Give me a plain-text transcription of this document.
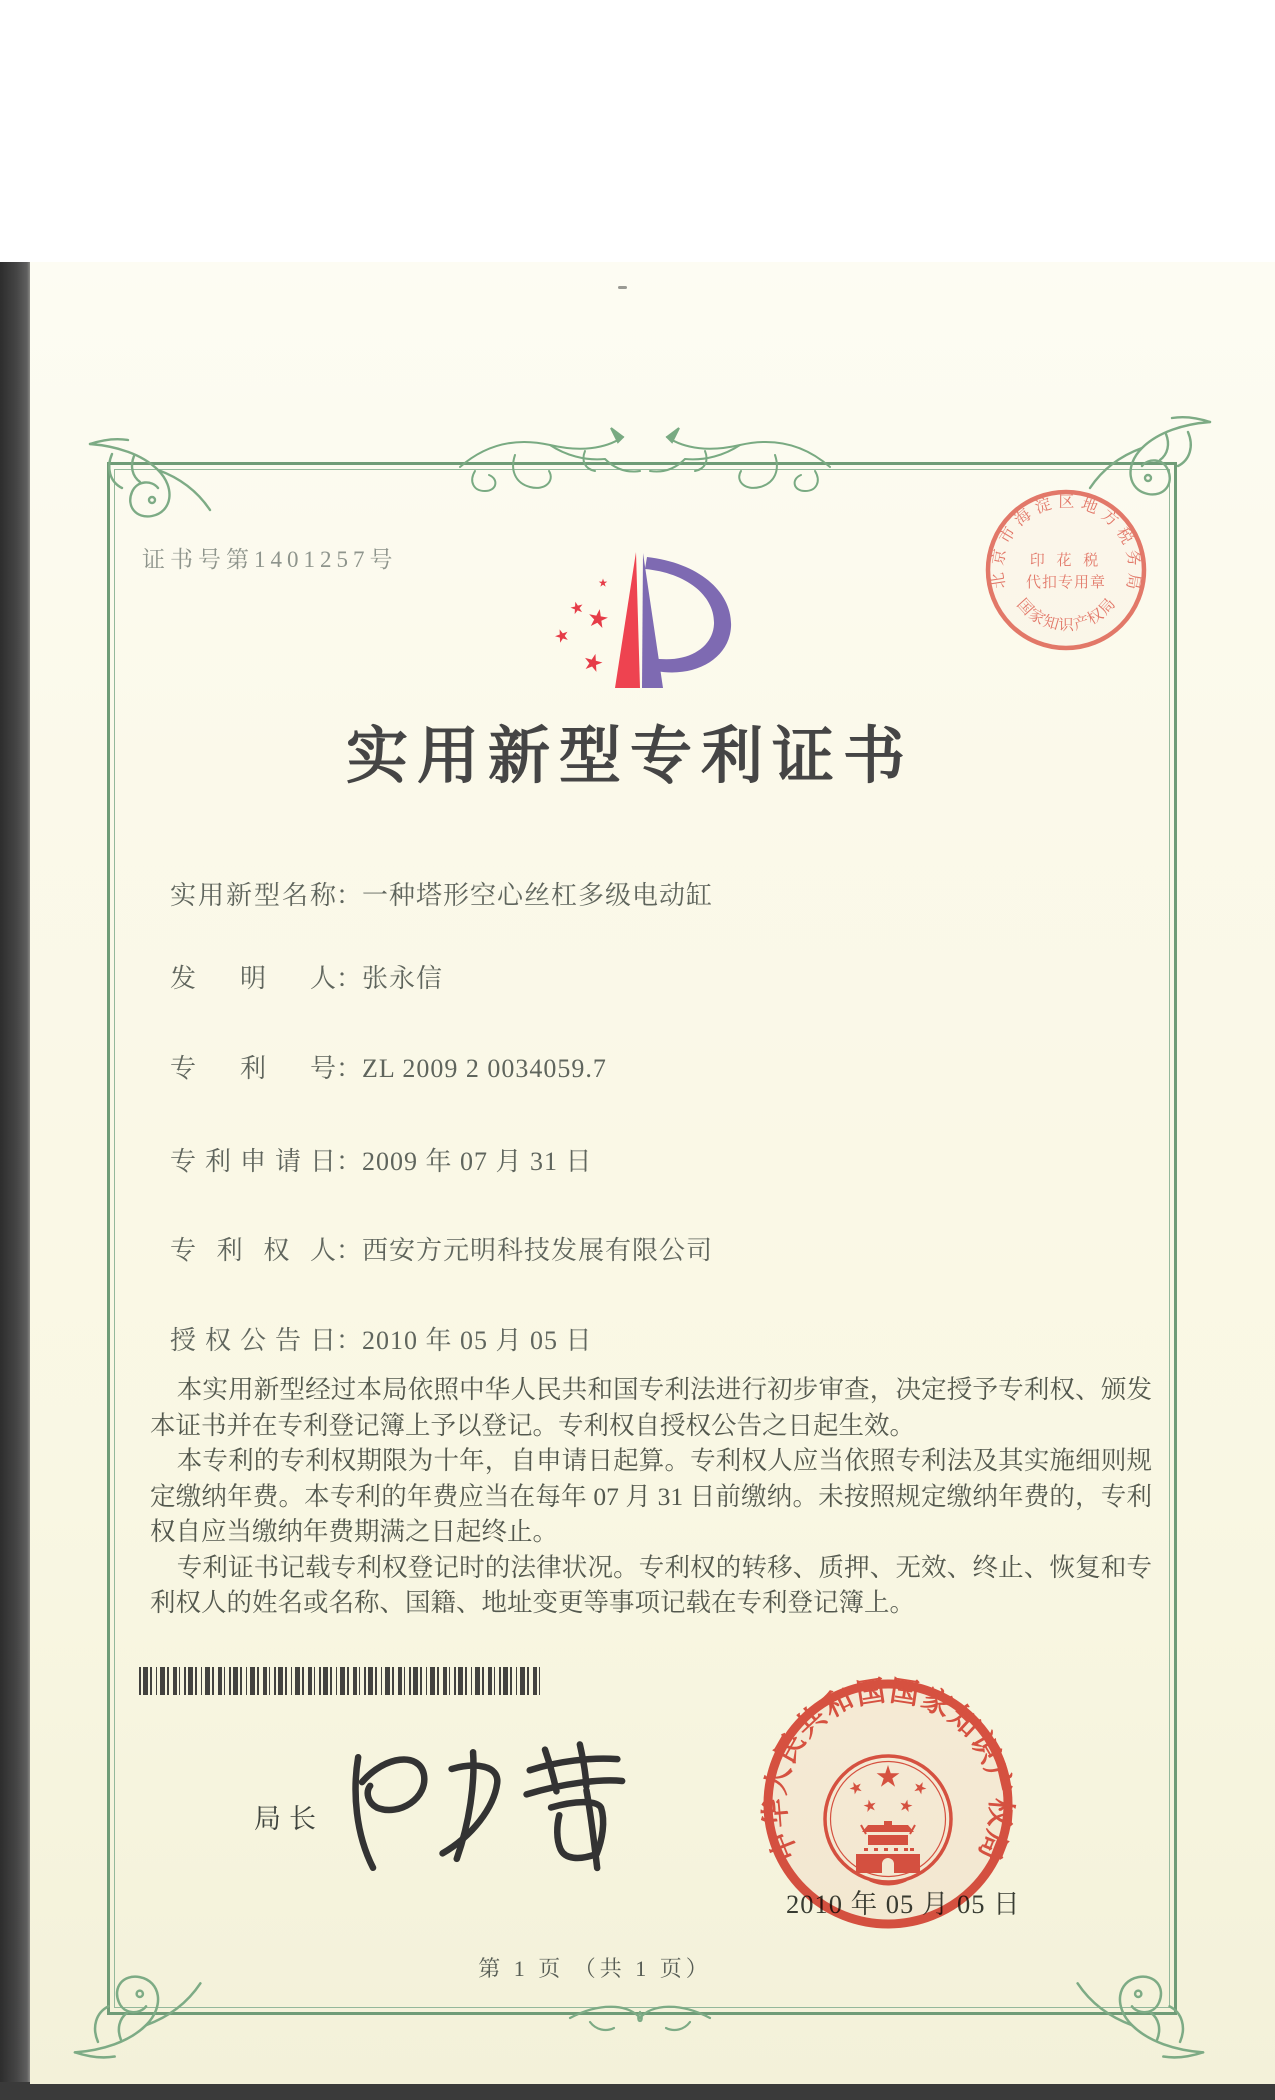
证书号第1401257号
实用新型专利证书
北京市海淀区地方税务局
国家知识产权局
印 花 税
代扣专用章
实用新型名称：一种塔形空心丝杠多级电动缸
发明人：张永信
专利号：ZL 2009 2 0034059.7
专利申请日：2009 年 07 月 31 日
专利权人：西安方元明科技发展有限公司
授权公告日：2010 年 05 月 05 日

本实用新型经过本局依照中华人民共和国专利法进行初步审查，决定授予专利权、颁发本证书并在专利登记簿上予以登记。专利权自授权公告之日起生效。

本专利的专利权期限为十年，自申请日起算。专利权人应当依照专利法及其实施细则规定缴纳年费。本专利的年费应当在每年 07 月 31 日前缴纳。未按照规定缴纳年费的，专利权自应当缴纳年费期满之日起终止。

专利证书记载专利权登记时的法律状况。专利权的转移、质押、无效、终止、恢复和专利权人的姓名或名称、国籍、地址变更等事项记载在专利登记簿上。

局长
中华人民共和国国家知识产权局
2010 年 05 月 05 日
第 1 页 （共 1 页）
